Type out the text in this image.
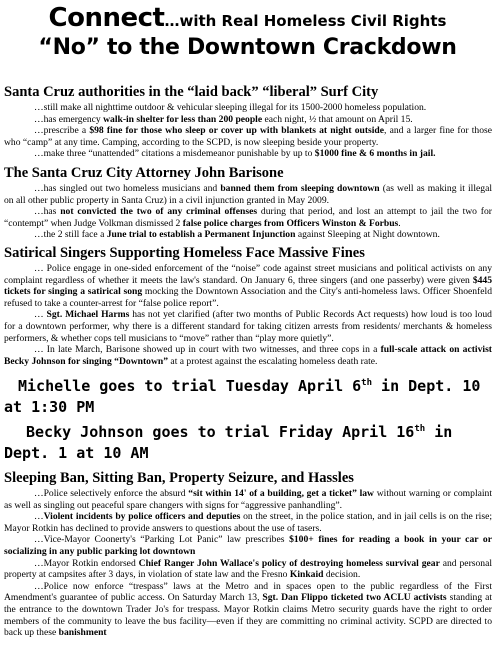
Connect…with Real Homeless Civil Rights
“No” to the Downtown Crackdown
Santa Cruz authorities in the “laid back” “liberal” Surf City

…still make all nighttime outdoor & vehicular sleeping illegal for its 1500-2000 homeless population.

…has emergency walk-in shelter for less than 200 people each night, ½ that amount on April 15.

…prescribe a $98 fine for those who sleep or cover up with blankets at night outside, and a larger fine for those who “camp” at any time. Camping, according to the SCPD, is now sleeping beside your property.

…make three “unattended” citations a misdemeanor punishable by up to $1000 fine & 6 months in jail.

The Santa Cruz City Attorney John Barisone

…has singled out two homeless musicians and banned them from sleeping downtown (as well as making it illegal on all other public property in Santa Cruz) in a civil injunction granted in May 2009.

…has not convicted the two of any criminal offenses during that period, and lost an attempt to jail the two for “contempt” when Judge Volkman dismissed 2 false police charges from Officers Winston & Forbus.

…the 2 still face a June trial to establish a Permanent Injunction against Sleeping at Night downtown.

Satirical Singers Supporting Homeless Face Massive Fines

… Police engage in one-sided enforcement of the “noise” code against street musicians and political activists on any complaint regardless of whether it meets the law's standard. On January 6, three singers (and one passerby) were given $445 tickets for singing a satirical song mocking the Downtown Association and the City's anti-homeless laws. Officer Shoenfeld refused to take a counter-arrest for “false police report”.

… Sgt. Michael Harms has not yet clarified (after two months of Public Records Act requests) how loud is too loud for a downtown performer, why there is a different standard for taking citizen arrests from residents/ merchants & homeless performers, & whether cops tell musicians to “move” rather than “play more quietly”.

… In late March, Barisone showed up in court with two witnesses, and three cops in a full-scale attack on activist Becky Johnson for singing “Downtown” at a protest against the escalating homeless death rate.

Michelle goes to trial Tuesday April 6th in Dept. 10 at 1:30 PM
Becky Johnson goes to trial Friday April 16th in Dept. 1 at 10 AM
Sleeping Ban, Sitting Ban, Property Seizure, and Hassles

…Police selectively enforce the absurd “sit within 14' of a building, get a ticket” law without warning or complaint as well as singling out peaceful spare changers with signs for “aggressive panhandling”.

…Violent incidents by police officers and deputies on the street, in the police station, and in jail cells is on the rise; Mayor Rotkin has declined to provide answers to questions about the use of tasers.

…Vice-Mayor Coonerty's “Parking Lot Panic” law prescribes $100+ fines for reading a book in your car or socializing in any public parking lot downtown

…Mayor Rotkin endorsed Chief Ranger John Wallace's policy of destroying homeless survival gear and personal property at campsites after 3 days, in violation of state law and the Fresno Kinkaid decision.

…Police now enforce “trespass” laws at the Metro and in spaces open to the public regardless of the First Amendment's guarantee of public access. On Saturday March 13, Sgt. Dan Flippo ticketed two ACLU activists standing at the entrance to the downtown Trader Jo's for trespass. Mayor Rotkin claims Metro security guards have the right to order members of the community to leave the bus facility—even if they are committing no criminal activity. SCPD are directed to back up these banishment
